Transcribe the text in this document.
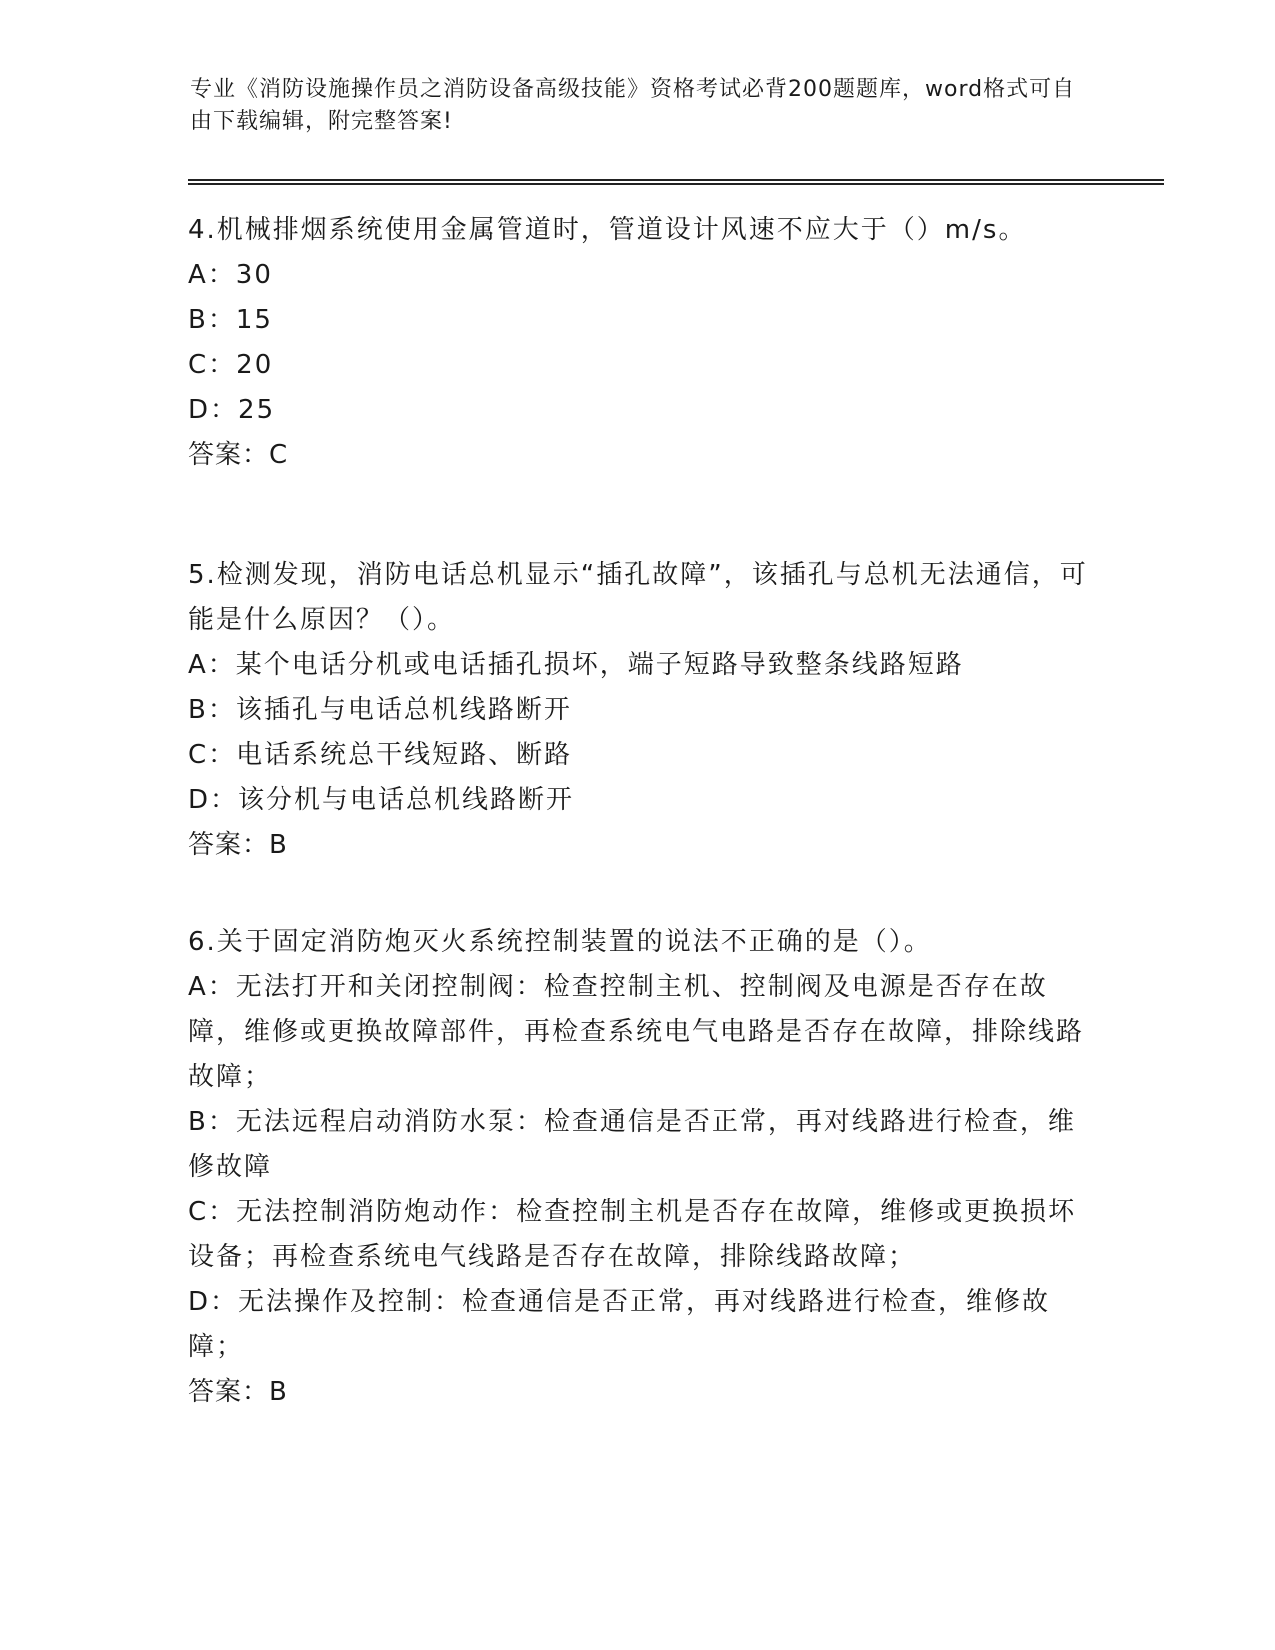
专业《消防设施操作员之消防设备高级技能》资格考试必背200题题库，word格式可自由下载编辑，附完整答案!

4.机械排烟系统使用金属管道时，管道设计风速不应大于（）m/s。

A：30

B：15

C：20

D：25

答案：C

5.检测发现，消防电话总机显示“插孔故障”，该插孔与总机无法通信，可能是什么原因？（）。

A：某个电话分机或电话插孔损坏，端子短路导致整条线路短路

B：该插孔与电话总机线路断开

C：电话系统总干线短路、断路

D：该分机与电话总机线路断开

答案：B

6.关于固定消防炮灭火系统控制装置的说法不正确的是（）。

A：无法打开和关闭控制阀：检查控制主机、控制阀及电源是否存在故障，维修或更换故障部件，再检查系统电气电路是否存在故障，排除线路故障；

B：无法远程启动消防水泵：检查通信是否正常，再对线路进行检查，维修故障

C：无法控制消防炮动作：检查控制主机是否存在故障，维修或更换损坏设备；再检查系统电气线路是否存在故障，排除线路故障；

D：无法操作及控制：检查通信是否正常，再对线路进行检查，维修故障；

答案：B
